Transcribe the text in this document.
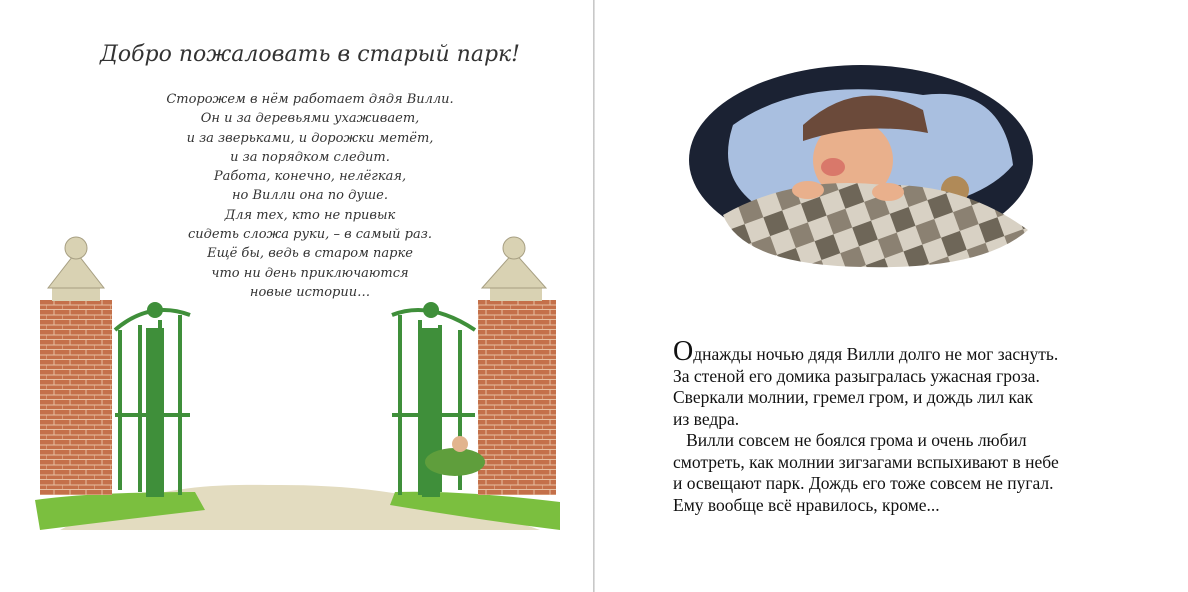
Добро пожаловать в старый парк!
Сторожем в нём работает дядя Вилли.
Он и за деревьями ухаживает,
и за зверьками, и дорожки метёт,
и за порядком следит.
Работа, конечно, нелёгкая,
но Вилли она по душе.
Для тех, кто не привык
сидеть сложа руки, – в самый раз.
Ещё бы, ведь в старом парке
что ни день приключаются
новые истории…
Однажды ночью дядя Вилли долго не мог заснуть.
За стеной его домика разыгралась ужасная гроза.
Сверкали молнии, гремел гром, и дождь лил как
из ведра.
Вилли совсем не боялся грома и очень любил
смотреть, как молнии зигзагами вспыхивают в небе
и освещают парк. Дождь его тоже совсем не пугал.
Ему вообще всё нравилось, кроме...
